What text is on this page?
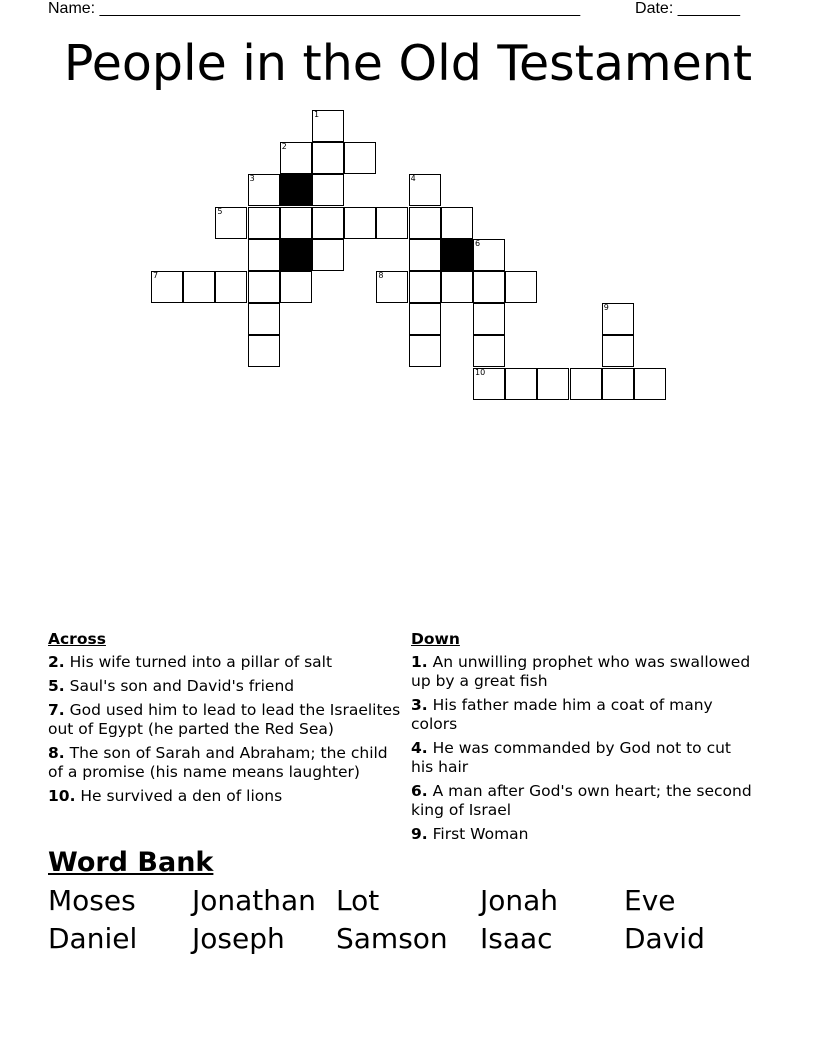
Name: ______________________________________________________	Date: _______
People in the Old Testament
1
2
3	4
5
6
7	8
9
10
Across
2. His wife turned into a pillar of salt
5. Saul's son and David's friend
7. God used him to lead to lead the Israelites out of Egypt (he parted the Red Sea)
8. The son of Sarah and Abraham; the child of a promise (his name means laughter)
10. He survived a den of lions
Down
1. An unwilling prophet who was swallowed up by a great fish
3. His father made him a coat of many colors
4. He was commanded by God not to cut his hair
6. A man after God's own heart; the second king of Israel
9. First Woman
Word Bank
Moses Jonathan Lot	Jonah Eve
Daniel Joseph Samson Isaac	David
